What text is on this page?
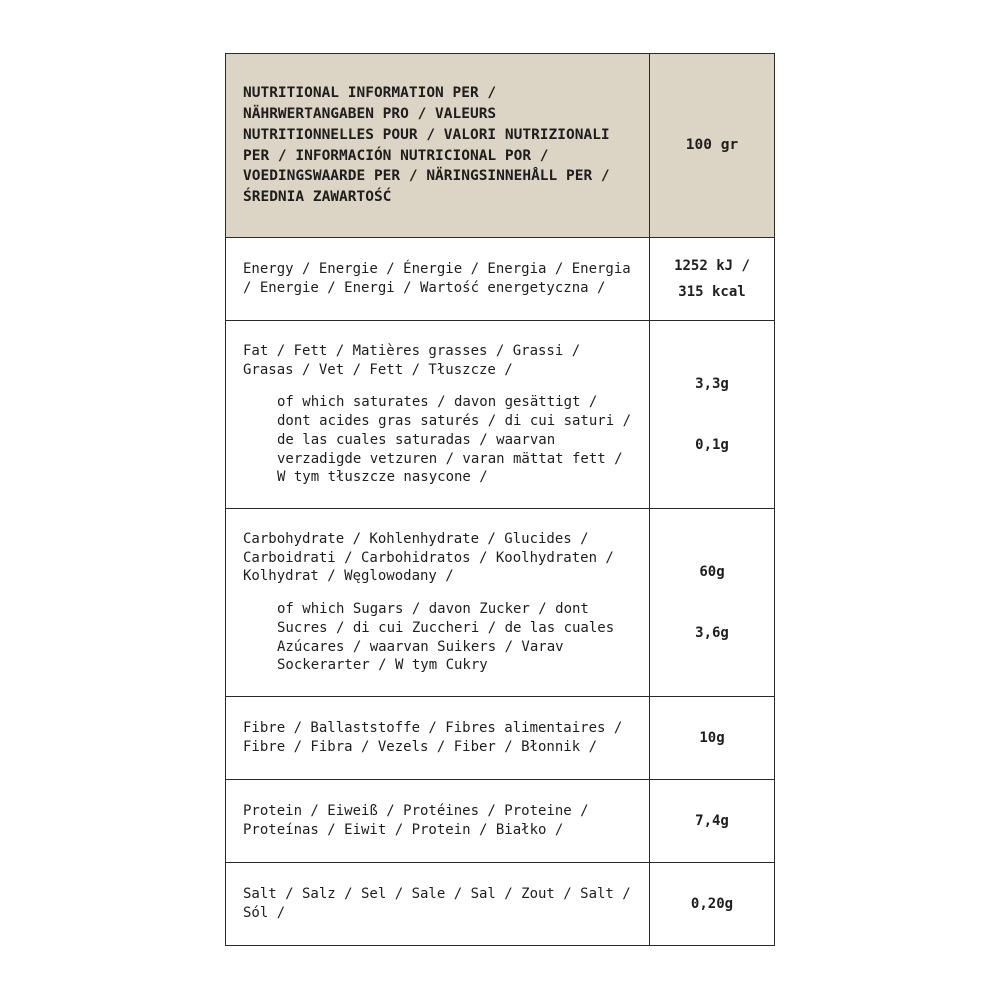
NUTRITIONAL INFORMATION PER / NÄHRWERTANGABEN PRO / VALEURS NUTRITIONNELLES POUR / VALORI NUTRIZIONALI PER / INFORMACIÓN NUTRICIONAL POR / VOEDINGSWAARDE PER / NÄRINGSINNEHÅLL PER / ŚREDNIA ZAWARTOŚĆ
100 gr
Energy / Energie / Énergie / Energia / Energia / Energie / Energi / Wartość energetyczna /
1252 kJ /
315 kcal
Fat / Fett / Matières grasses / Grassi / Grasas / Vet / Fett / Tłuszcze /
of which saturates / davon gesättigt / dont acides gras saturés / di cui saturi / de las cuales saturadas / waarvan verzadigde vetzuren / varan mättat fett / W tym tłuszcze nasycone /
3,3g
0,1g
Carbohydrate / Kohlenhydrate / Glucides / Carboidrati / Carbohidratos / Koolhydraten / Kolhydrat / Węglowodany /
of which Sugars / davon Zucker / dont Sucres / di cui Zuccheri / de las cuales Azúcares / waarvan Suikers / Varav Sockerarter / W tym Cukry
60g
3,6g
Fibre / Ballaststoffe / Fibres alimentaires / Fibre / Fibra / Vezels / Fiber / Błonnik /
10g
Protein / Eiweiß / Protéines / Proteine / Proteínas / Eiwit / Protein / Białko /
7,4g
Salt / Salz / Sel / Sale / Sal / Zout / Salt / Sól /
0,20g
